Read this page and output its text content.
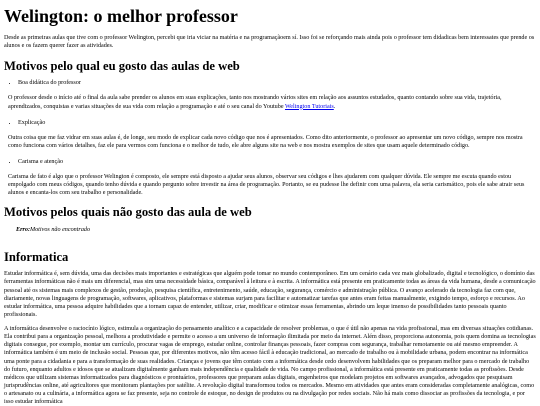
Welington: o melhor professor

Desde as primeiras aulas que tive com o professor Welington, percebi que iria viciar na matéria e na programaçãoem sí. Isso foi se reforçando mais ainda pois o professor tem didadicas bem interessates que prende os alunos e os fazem querer fazer as atividades.

Motivos pelo qual eu gosto das aulas de web
• Boa didática do professor

O professor desde o início até o final da aula sabe prender os alunos em suas explicações, tanto nos mostrando vários sites em relação aos assuntos estudados, quanto contando sobre sua vida, trajetória, aprendizados, conquistas e varias situações de sua vida com relação a programação e até o seu canal do Youtube Welington Tutoriais.

• Explicação

Outra coisa que me faz vidrar em suas aulas é, de longe, seu modo de explicar cada novo código que nos é apresentados. Como dito anteriormente, o professor ao apresentar um novo código, sempre nos mostra como funciona com vários detalhes, faz ele para vermos com funciona e o melhor de tudo, ele abre alguns site na web e nos mostra exemplos de sites que usam aquele determinado código.

• Carisma e atenção

Carisma de fato é algo que o professor Welington é composto, ele sempre está disposto a ajudar seus alunos, observar seu códigos e lhes ajudarem com qualquer dúvida. Ele sempre me escuta quando estou empolgado com meus códigos, quando tenho dúvida e quando pergunto sobre investir na área de programação. Portanto, se eu pudesse lhe definir com uma palavra, ela seria carismático, pois ele sabe atrair seus alunos e encanta-los com seu trabalho e personalidade.

Motivos pelos quais não gosto das aula de web

Erro:Motivos não encontrado

Informatica

Estudar informática é, sem dúvida, uma das decisões mais importantes e estratégicas que alguém pode tomar no mundo contemporâneo. Em um cenário cada vez mais globalizado, digital e tecnológico, o domínio das ferramentas informáticas não é mais um diferencial, mas sim uma necessidade básica, comparável à leitura e à escrita. A informática está presente em praticamente todas as áreas da vida humana, desde a comunicação pessoal até os sistemas mais complexos de gestão, produção, pesquisa científica, entretenimento, saúde, educação, segurança, comércio e administração pública. O avanço acelerado da tecnologia faz com que, diariamente, novas linguagens de programação, softwares, aplicativos, plataformas e sistemas surjam para facilitar e automatizar tarefas que antes eram feitas manualmente, exigindo tempo, esforço e recursos. Ao estudar informática, uma pessoa adquire habilidades que a tornam capaz de entender, utilizar, criar, modificar e otimizar essas ferramentas, abrindo um leque imenso de possibilidades tanto pessoais quanto profissionais.

A informática desenvolve o raciocínio lógico, estimula a organização do pensamento analítico e a capacidade de resolver problemas, o que é útil não apenas na vida profissional, mas em diversas situações cotidianas. Ela contribui para a organização pessoal, melhora a produtividade e permite o acesso a um universo de informação ilimitada por meio da internet. Além disso, proporciona autonomia, pois quem domina as tecnologias digitais consegue, por exemplo, montar um currículo, procurar vagas de emprego, estudar online, controlar finanças pessoais, fazer compras com segurança, trabalhar remotamente ou até mesmo empreender. A informática também é um meio de inclusão social. Pessoas que, por diferentes motivos, não têm acesso fácil à educação tradicional, ao mercado de trabalho ou à mobilidade urbana, podem encontrar na informática uma ponte para a cidadania e para a transformação de suas realidades. Crianças e jovens que têm contato com a informática desde cedo desenvolvem habilidades que os preparam melhor para o mercado de trabalho do futuro, enquanto adultos e idosos que se atualizam digitalmente ganham mais independência e qualidade de vida. No campo profissional, a informática está presente em praticamente todas as profissões. Desde médicos que utilizam sistemas informatizados para diagnósticos e prontuários, professores que preparam aulas digitais, engenheiros que modelam projetos em softwares avançados, advogados que pesquisam jurisprudências online, até agricultores que monitoram plantações por satélite. A revolução digital transformou todos os mercados. Mesmo em atividades que antes eram consideradas completamente analógicas, como o artesanato ou a culinária, a informática agora se faz presente, seja no controle de estoque, no design de produtos ou na divulgação por redes sociais. Não há mais como dissociar as profissões da tecnologia, e por isso estudar informática
